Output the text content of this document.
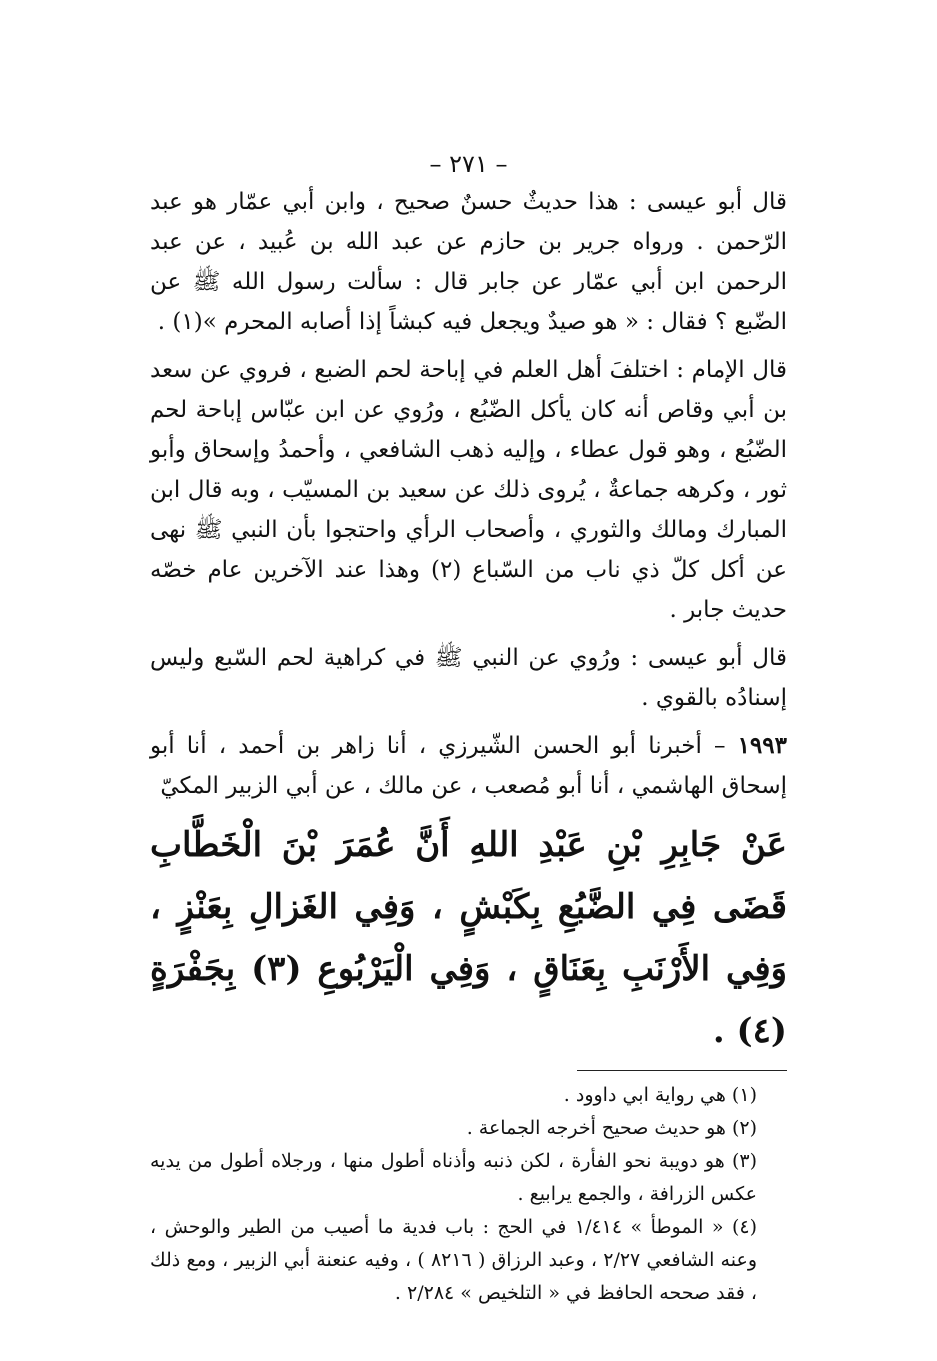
– ٢٧١ –

قال أبو عيسى : هذا حديثٌ حسنٌ صحيح ، وابن أبي عمّار هو عبد الرّحمن . ورواه جرير بن حازم عن عبد الله بن عُبيد ، عن عبد الرحمن ابن أبي عمّار عن جابر قال : سألت رسول الله ﷺ عن الضّبع ؟ فقال : « هو صيدٌ ويجعل فيه كبشاً إذا أصابه المحرم »(١) .

قال الإمام : اختلفَ أهل العلم في إباحة لحم الضبع ، فروي عن سعد بن أبي وقاص أنه كان يأكل الضّبُع ، ورُوي عن ابن عبّاس إباحة لحم الضّبُع ، وهو قول عطاء ، وإليه ذهب الشافعي ، وأحمدُ وإسحاق وأبو ثور ، وكرهه جماعةٌ ، يُروى ذلك عن سعيد بن المسيّب ، وبه قال ابن المبارك ومالك والثوري ، وأصحاب الرأي واحتجوا بأن النبي ﷺ نهى عن أكل كلّ ذي ناب من السّباع (٢) وهذا عند الآخرين عام خصّه حديث جابر .

قال أبو عيسى : ورُوي عن النبي ﷺ في كراهية لحم السّبع وليس إسنادُه بالقوي .

١٩٩٣ – أخبرنا أبو الحسن الشّيرزي ، أنا زاهر بن أحمد ، أنا أبو إسحاق الهاشمي ، أنا أبو مُصعب ، عن مالك ، عن أبي الزبير المكيّ

عَنْ جَابِرِ بْنِ عَبْدِ اللهِ أَنَّ عُمَرَ بْنَ الْخَطَّابِ قَضَى فِي الضَّبُعِ بِكَبْشٍ ، وَفِي الغَزالِ بِعَنْزٍ ، وَفِي الأَرْنَبِ بِعَنَاقٍ ، وَفِي الْيَرْبُوعِ (٣) بِجَفْرَةٍ (٤) .

(١) هي رواية ابي داوود .

(٢) هو حديث صحيح أخرجه الجماعة .

(٣) هو دويبة نحو الفأرة ، لكن ذنبه وأذناه أطول منها ، ورجلاه أطول من يديه عكس الزرافة ، والجمع يرابيع .

(٤) « الموطأ » ١/٤١٤ في الحج : باب فدية ما أصيب من الطير والوحش ، وعنه الشافعي ٢/٢٧ ، وعبد الرزاق ( ٨٢١٦ ) ، وفيه عنعنة أبي الزبير ، ومع ذلك ، فقد صححه الحافظ في « التلخيص » ٢/٢٨٤ .
